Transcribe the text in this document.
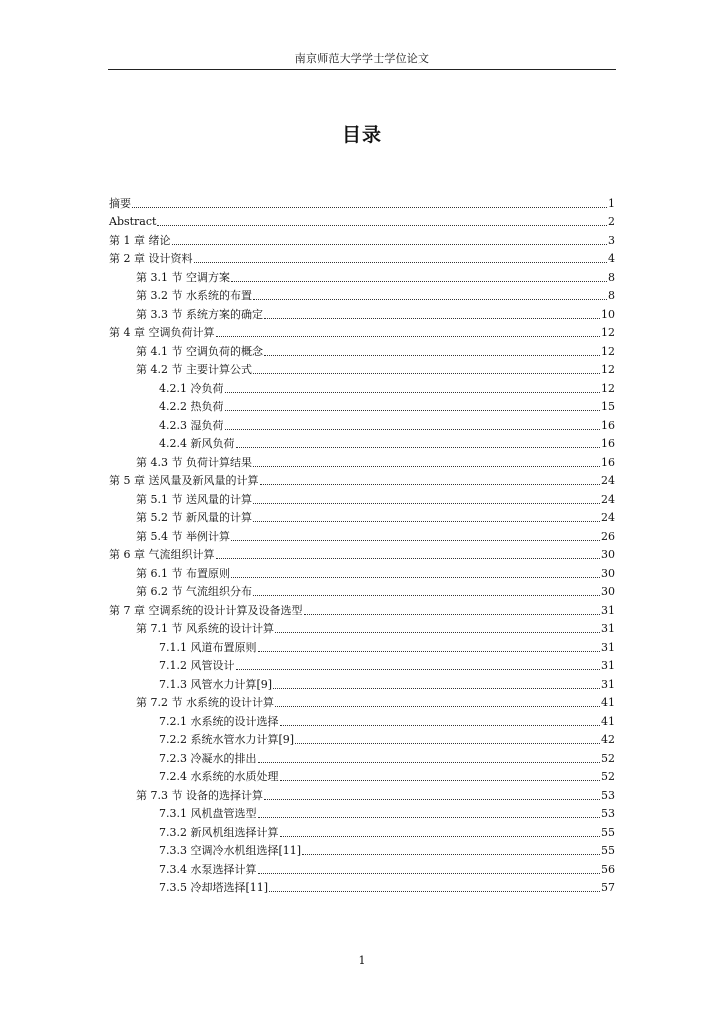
南京师范大学学士学位论文
目录
摘要	1
Abstract	2
第 1 章 绪论	3
第 2 章 设计资料	4
第 3.1 节 空调方案	8
第 3.2 节 水系统的布置	8
第 3.3 节 系统方案的确定	10
第 4 章 空调负荷计算	12
第 4.1 节 空调负荷的概念	12
第 4.2 节 主要计算公式	12
4.2.1 冷负荷	12
4.2.2 热负荷	15
4.2.3 湿负荷	16
4.2.4 新风负荷	16
第 4.3 节 负荷计算结果	16
第 5 章 送风量及新风量的计算	24
第 5.1 节 送风量的计算	24
第 5.2 节 新风量的计算	24
第 5.4 节 举例计算	26
第 6 章 气流组织计算	30
第 6.1 节 布置原则	30
第 6.2 节 气流组织分布	30
第 7 章 空调系统的设计计算及设备选型	31
第 7.1 节 风系统的设计计算	31
7.1.1 风道布置原则	31
7.1.2 风管设计	31
7.1.3 风管水力计算[9]	31
第 7.2 节 水系统的设计计算	41
7.2.1 水系统的设计选择	41
7.2.2 系统水管水力计算[9]	42
7.2.3 冷凝水的排出	52
7.2.4 水系统的水质处理	52
第 7.3 节 设备的选择计算	53
7.3.1 风机盘管选型	53
7.3.2 新风机组选择计算	55
7.3.3 空调冷水机组选择[11]	55
7.3.4 水泵选择计算	56
7.3.5 冷却塔选择[11]	57
1
